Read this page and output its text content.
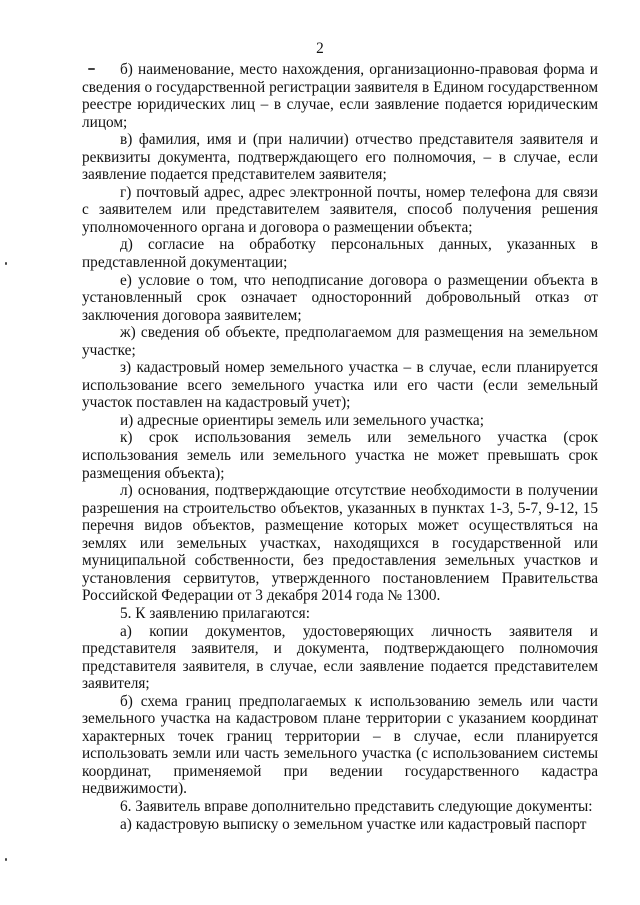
2

б) наименование, место нахождения, организационно-правовая форма и сведения о государственной регистрации заявителя в Едином государственном реестре юридических лиц – в случае, если заявление подается юридическим лицом;

в) фамилия, имя и (при наличии) отчество представителя заявителя и реквизиты документа, подтверждающего его полномочия, – в случае, если заявление подается представителем заявителя;

г) почтовый адрес, адрес электронной почты, номер телефона для связи с заявителем или представителем заявителя, способ получения решения уполномоченного органа и договора о размещении объекта;

д) согласие на обработку персональных данных, указанных в представленной документации;

е) условие о том, что неподписание договора о размещении объекта в установленный срок означает односторонний добровольный отказ от заключения договора заявителем;

ж) сведения об объекте, предполагаемом для размещения на земельном участке;

з) кадастровый номер земельного участка – в случае, если планируется использование всего земельного участка или его части (если земельный участок поставлен на кадастровый учет);

и) адресные ориентиры земель или земельного участка;

к) срок использования земель или земельного участка (срок использования земель или земельного участка не может превышать срок размещения объекта);

л) основания, подтверждающие отсутствие необходимости в получении разрешения на строительство объектов, указанных в пунктах 1-3, 5-7, 9-12, 15 перечня видов объектов, размещение которых может осуществляться на землях или земельных участках, находящихся в государственной или муниципальной собственности, без предоставления земельных участков и установления сервитутов, утвержденного постановлением Правительства Российской Федерации от 3 декабря 2014 года № 1300.

5. К заявлению прилагаются:

а) копии документов, удостоверяющих личность заявителя и представителя заявителя, и документа, подтверждающего полномочия представителя заявителя, в случае, если заявление подается представителем заявителя;

б) схема границ предполагаемых к использованию земель или части земельного участка на кадастровом плане территории с указанием координат характерных точек границ территории – в случае, если планируется использовать земли или часть земельного участка (с использованием системы координат, применяемой при ведении государственного кадастра недвижимости).

6. Заявитель вправе дополнительно представить следующие документы:

а) кадастровую выписку о земельном участке или кадастровый паспорт
